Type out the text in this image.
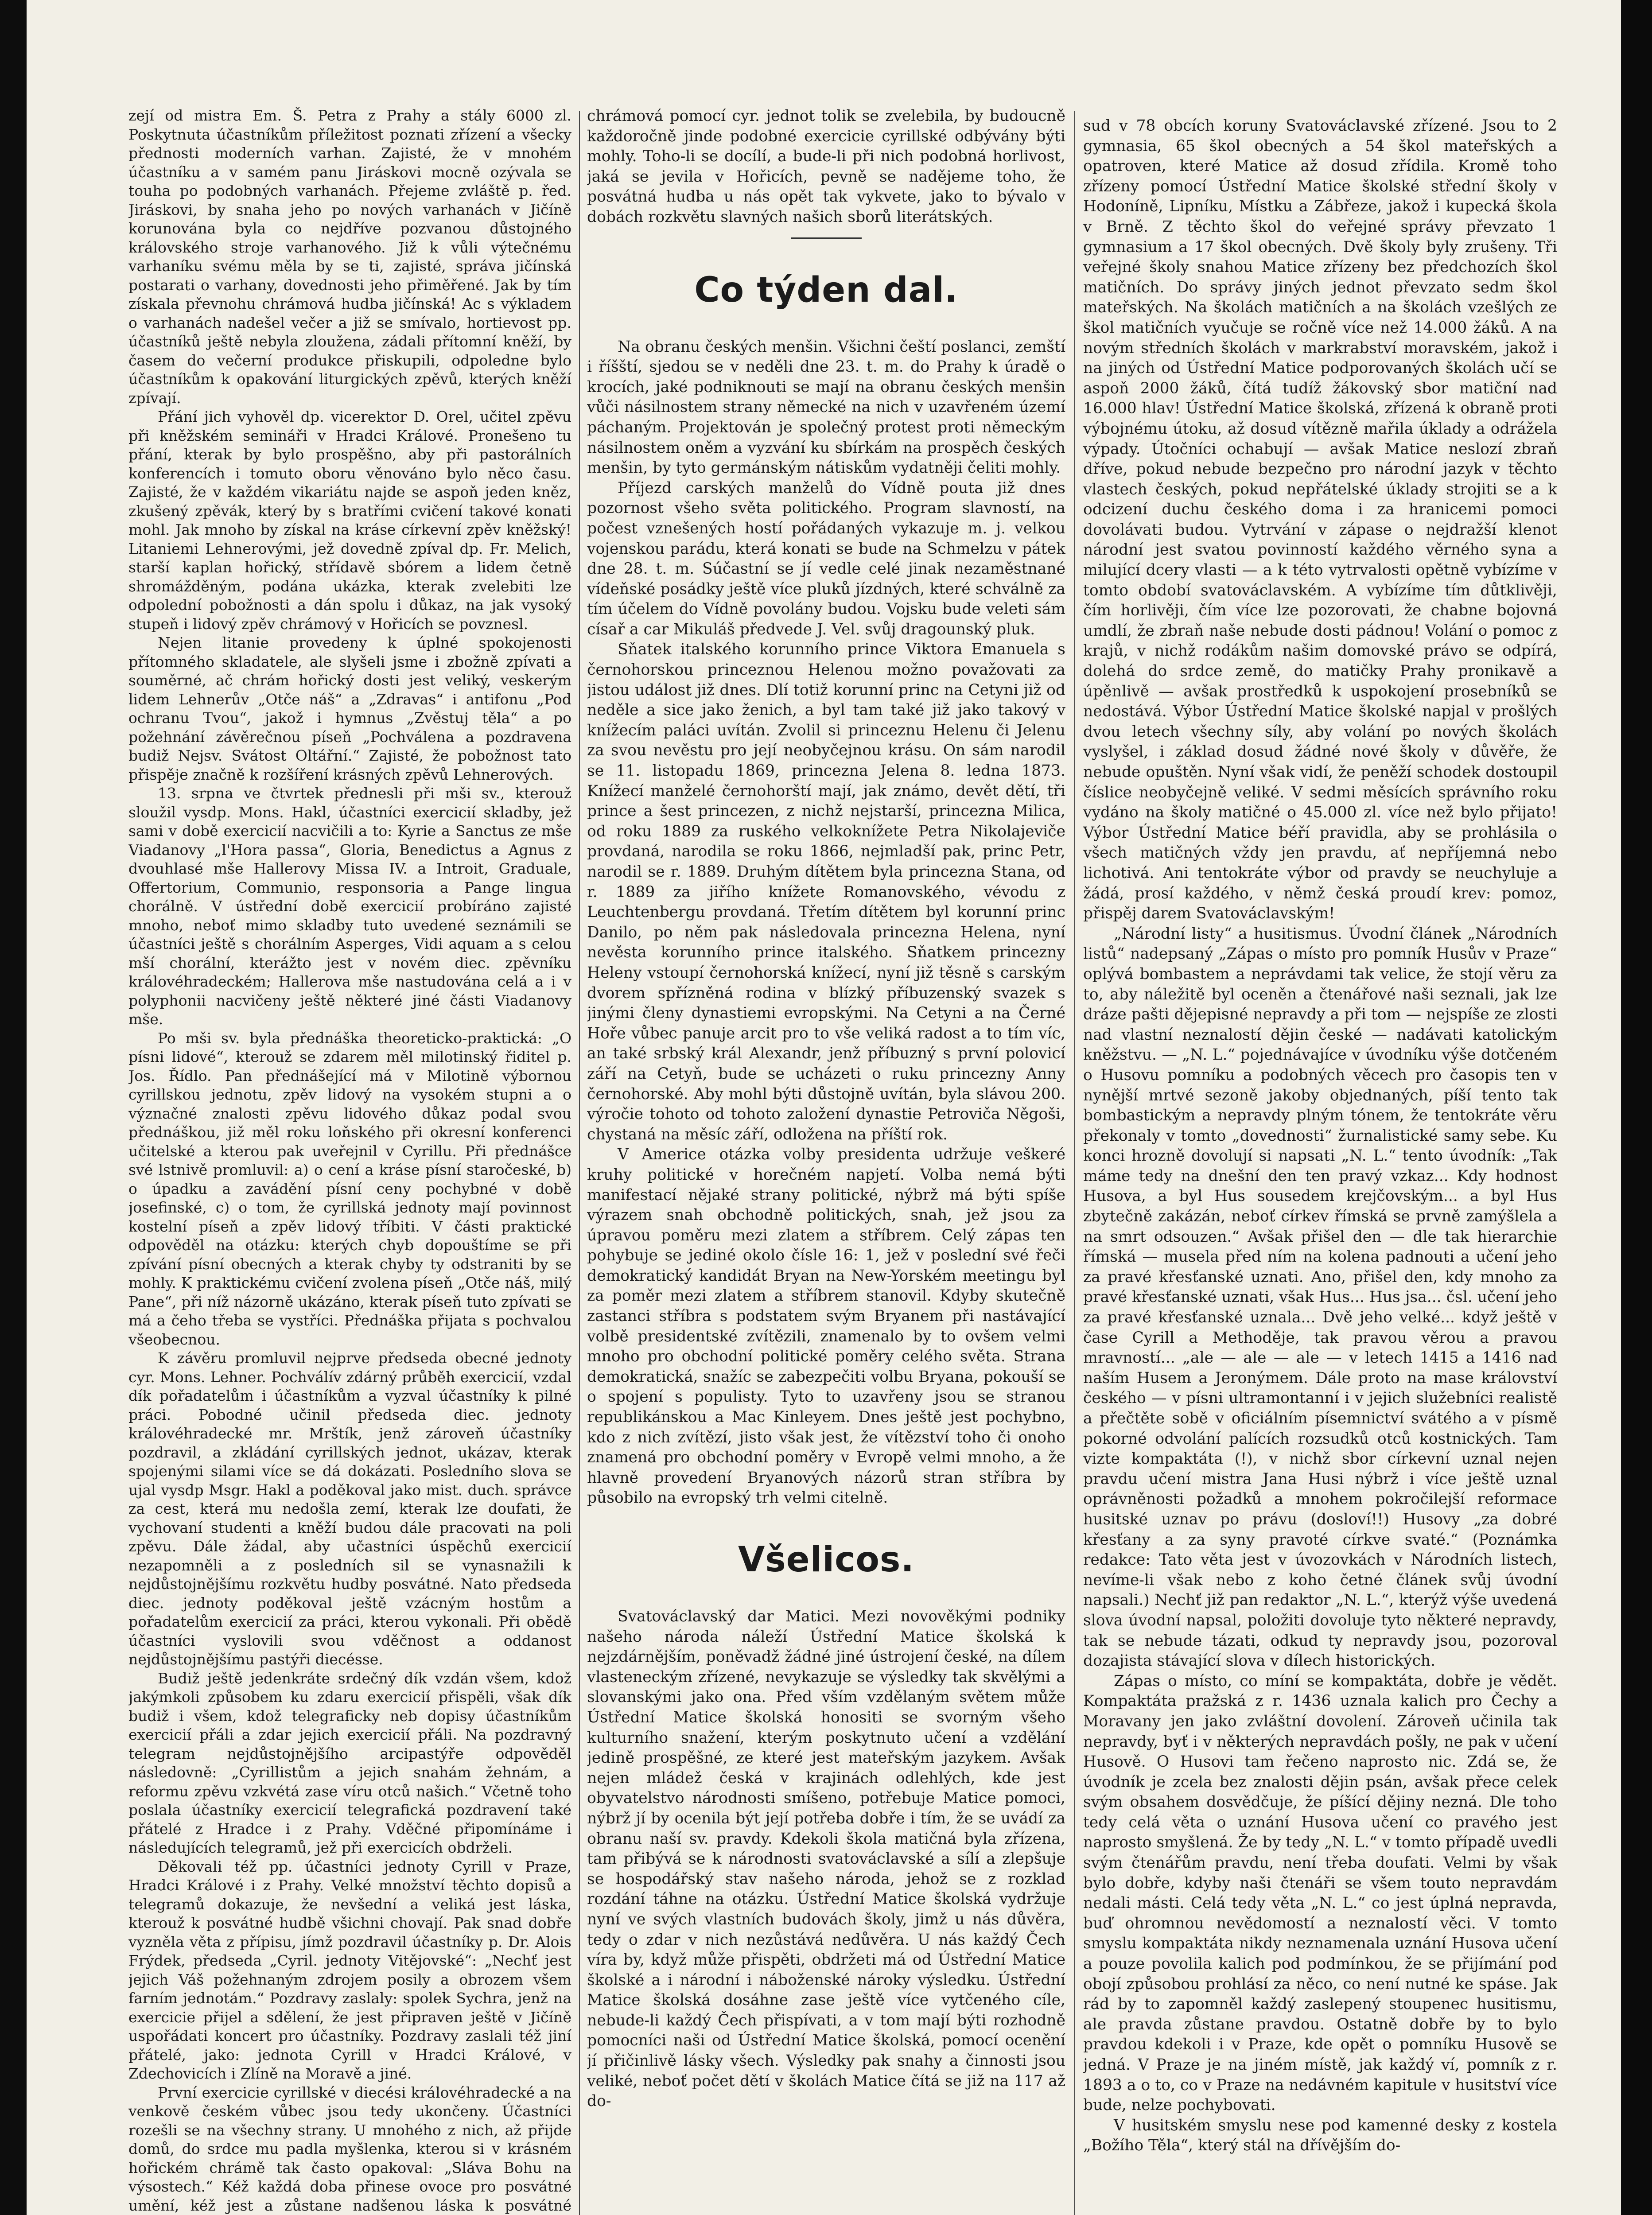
zejí od mistra Em. Š. Petra z Prahy a stály 6000 zl. Poskytnuta účastníkům příležitost poznati zřízení a všecky přednosti moderních varhan. Zajisté, že v mnohém účastníku a v samém panu Jiráskovi mocně ozývala se touha po podobných varhanách. Přejeme zvláště p. řed. Jiráskovi, by snaha jeho po nových varhanách v Jičíně korunována byla co nejdříve pozvanou důstojného královského stroje varhanového. Již k vůli výtečnému varhaníku svému měla by se ti, zajisté, správa jičínská postarati o varhany, dovednosti jeho přiměřené. Jak by tím získala převnohu chrámová hudba jičínská! Ac s výkladem o varhanách nadešel večer a již se smívalo, hortievost pp. účastníků ještě nebyla zloužena, zádali přítomní kněží, by časem do večerní produkce přiskupili, odpoledne bylo účastníkům k opakování liturgických zpěvů, kterých kněží zpívají.

Přání jich vyhověl dp. vicerektor D. Orel, učitel zpěvu při kněžském semináři v Hradci Králové. Pronešeno tu přání, kterak by bylo prospěšno, aby při pastorálních konferencích i tomuto oboru věnováno bylo něco času. Zajisté, že v každém vikariátu najde se aspoň jeden kněz, zkušený zpěvák, který by s bratřími cvičení takové konati mohl. Jak mnoho by získal na kráse církevní zpěv kněžský! Litaniemi Lehnerovými, jež dovedně zpíval dp. Fr. Melich, starší kaplan hořický, střídavě sbórem a lidem četně shromážděným, podána ukázka, kterak zvelebiti lze odpolední pobožnosti a dán spolu i důkaz, na jak vysoký stupeň i lidový zpěv chrámový v Hořicích se povznesl.

Nejen litanie provedeny k úplné spokojenosti přítomného skladatele, ale slyšeli jsme i zbožně zpívati a souměrné, ač chrám hořický dosti jest veliký, veskerým lidem Lehnerův „Otče náš“ a „Zdravas“ i antifonu „Pod ochranu Tvou“, jakož i hymnus „Zvěstuj těla“ a po požehnání závěrečnou píseň „Pochválena a pozdravena budiž Nejsv. Svátost Oltářní.“ Zajisté, že pobožnost tato přispěje značně k rozšíření krásných zpěvů Lehnerových.

13. srpna ve čtvrtek přednesli při mši sv., kterouž sloužil vysdp. Mons. Hakl, účastníci exercicií skladby, jež sami v době exercicií nacvičili a to: Kyrie a Sanctus ze mše Viadanovy „l'Hora passa“, Gloria, Benedictus a Agnus z dvouhlasé mše Hallerovy Missa IV. a Introit, Graduale, Offertorium, Communio, responsoria a Pange lingua chorálně. V ústřední době exercicií probíráno zajisté mnoho, neboť mimo skladby tuto uvedené seznámili se účastníci ještě s chorálním Asperges, Vidi aquam a s celou mší chorální, kterážto jest v novém diec. zpěvníku královéhradeckém; Hallerova mše nastudována celá a i v polyphonii nacvičeny ještě některé jiné části Viadanovy mše.

Po mši sv. byla přednáška theoreticko-praktická: „O písni lidové“, kterouž se zdarem měl milotinský řiditel p. Jos. Řídlo. Pan přednášející má v Milotině výbornou cyrillskou jednotu, zpěv lidový na vysokém stupni a o význačné znalosti zpěvu lidového důkaz podal svou přednáškou, již měl roku loňského při okresní konferenci učitelské a kterou pak uveřejnil v Cyrillu. Při přednášce své lstnivě promluvil: a) o cení a kráse písní staročeské, b) o úpadku a zavádění písní ceny pochybné v době josefinské, c) o tom, že cyrillská jednoty mají povinnost kostelní píseň a zpěv lidový tříbiti. V části praktické odpověděl na otázku: kterých chyb dopouštíme se při zpívání písní obecných a kterak chyby ty odstraniti by se mohly. K praktickému cvičení zvolena píseň „Otče náš, milý Pane“, při níž názorně ukázáno, kterak píseň tuto zpívati se má a čeho třeba se vystříci. Přednáška přijata s pochvalou všeobecnou.

K závěru promluvil nejprve předseda obecné jednoty cyr. Mons. Lehner. Pochválív zdárný průběh exercicií, vzdal dík pořadatelům i účastníkům a vyzval účastníky k pilné práci. Pobodné učinil předseda diec. jednoty královéhradecké mr. Mrštík, jenž zároveň účastníky pozdravil, a zkládání cyrillských jednot, ukázav, kterak spojenými silami více se dá dokázati. Posledního slova se ujal vysdp Msgr. Hakl a poděkoval jako mist. duch. správce za cest, která mu nedošla zemí, kterak lze doufati, že vychovaní studenti a kněží budou dále pracovati na poli zpěvu. Dále žádal, aby učastníci úspěchů exercicií nezapomněli a z posledních sil se vynasnažili k nejdůstojnějšímu rozkvětu hudby posvátné. Nato předseda diec. jednoty poděkoval ještě vzácným hostům a pořadatelům exercicií za práci, kterou vykonali. Při obědě účastníci vyslovili svou vděčnost a oddanost nejdůstojnějšímu pastýři diecésse.

Budiž ještě jedenkráte srdečný dík vzdán všem, kdož jakýmkoli způsobem ku zdaru exercicií přispěli, však dík budiž i všem, kdož telegraficky neb dopisy účastníkům exercicií přáli a zdar jejich exercicií přáli. Na pozdravný telegram nejdůstojnějšího arcipastýře odpověděl následovně: „Cyrillistům a jejich snahám žehnám, a reformu zpěvu vzkvétá zase víru otců našich.“ Včetně toho poslala účastníky exercicií telegrafická pozdravení také přátelé z Hradce i z Prahy. Vděčné připomínáme i následujících telegramů, jež při exercicích obdrželi.

Děkovali též pp. účastníci jednoty Cyrill v Praze, Hradci Králové i z Prahy. Velké množství těchto dopisů a telegramů dokazuje, že nevšední a veliká jest láska, kterouž k posvátné hudbě všichni chovají. Pak snad dobře vyzněla věta z přípisu, jímž pozdravil účastníky p. Dr. Alois Frýdek, předseda „Cyril. jednoty Vitějovské“: „Nechť jest jejich Váš požehnaným zdrojem posily a obrozem všem farním jednotám.“ Pozdravy zaslaly: spolek Sychra, jenž na exercicie přijel a sdělení, že jest připraven ještě v Jičíně uspořádati koncert pro účastníky. Pozdravy zaslali též jiní přátelé, jako: jednota Cyrill v Hradci Králové, v Zdechovicích i Zlíně na Moravě a jiné.

První exercicie cyrillské v diecési královéhradecké a na venkově českém vůbec jsou tedy ukončeny. Účastníci rozešli se na všechny strany. U mnohého z nich, až přijde domů, do srdce mu padla myšlenka, kterou si v krásném hořickém chrámě tak často opakoval: „Sláva Bohu na výsostech.“ Kéž každá doba přinese ovoce pro posvátné umění, kéž jest a zůstane nadšenou láska k posvátné

chrámová pomocí cyr. jednot tolik se zvelebila, by budoucně každoročně jinde podobné exercicie cyrillské odbývány býti mohly. Toho-li se docílí, a bude-li při nich podobná horlivost, jaká se jevila v Hořicích, pevně se nadějeme toho, že posvátná hudba u nás opět tak vykvete, jako to bývalo v dobách rozkvětu slavných našich sborů literátských.

Co týden dal.

Na obranu českých menšin. Všichni čeští poslanci, zemští i říšští, sjedou se v neděli dne 23. t. m. do Prahy k úradě o krocích, jaké podniknouti se mají na obranu českých menšin vůči násilnostem strany německé na nich v uzavřeném území páchaným. Projektován je společný protest proti německým násilnostem oněm a vyzvání ku sbírkám na prospěch českých menšin, by tyto germánským nátiskům vydatněji čeliti mohly.

Příjezd carských manželů do Vídně pouta již dnes pozornost všeho světa politického. Program slavností, na počest vznešených hostí pořádaných vykazuje m. j. velkou vojenskou parádu, která konati se bude na Schmelzu v pátek dne 28. t. m. Súčastní se jí vedle celé jinak nezaměstnané vídeňské posádky ještě více pluků jízdných, které schválně za tím účelem do Vídně povolány budou. Vojsku bude veleti sám císař a car Mikuláš předvede J. Vel. svůj dragounský pluk.

Sňatek italského korunního prince Viktora Emanuela s černohorskou princeznou Helenou možno považovati za jistou událost již dnes. Dlí totiž korunní princ na Cetyni již od neděle a sice jako ženich, a byl tam také již jako takový v knížecím paláci uvítán. Zvolil si princeznu Helenu či Jelenu za svou nevěstu pro její neobyčejnou krásu. On sám narodil se 11. listopadu 1869, princezna Jelena 8. ledna 1873. Knížecí manželé černohorští mají, jak známo, devět dětí, tři prince a šest princezen, z nichž nejstarší, princezna Milica, od roku 1889 za ruského velkoknížete Petra Nikolajeviče provdaná, narodila se roku 1866, nejmladší pak, princ Petr, narodil se r. 1889. Druhým dítětem byla princezna Stana, od r. 1889 za jiřího knížete Romanovského, vévodu z Leuchtenbergu provdaná. Třetím dítětem byl korunní princ Danilo, po něm pak následovala princezna Helena, nyní nevěsta korunního prince italského. Sňatkem princezny Heleny vstoupí černohorská knížecí, nyní již těsně s carským dvorem spřízněná rodina v blízký příbuzenský svazek s jinými členy dynastiemi evropskými. Na Cetyni a na Černé Hoře vůbec panuje arcit pro to vše veliká radost a to tím víc, an také srbský král Alexandr, jenž příbuzný s první polovicí září na Cetyň, bude se ucházeti o ruku princezny Anny černohorské. Aby mohl býti důstojně uvítán, byla slávou 200. výročie tohoto od tohoto založení dynastie Petroviča Něgoši, chystaná na měsíc září, odložena na příští rok.

V Americe otázka volby presidenta udržuje veškeré kruhy politické v horečném napjetí. Volba nemá býti manifestací nějaké strany politické, nýbrž má býti spíše výrazem snah obchodně politických, snah, jež jsou za úpravou poměru mezi zlatem a stříbrem. Celý zápas ten pohybuje se jediné okolo čísle 16: 1, jež v poslední své řeči demokratický kandidát Bryan na New-Yorském meetingu byl za poměr mezi zlatem a stříbrem stanovil. Kdyby skutečně zastanci stříbra s podstatem svým Bryanem při nastávající volbě presidentské zvítězili, znamenalo by to ovšem velmi mnoho pro obchodní politické poměry celého světa. Strana demokratická, snažíc se zabezpečiti volbu Bryana, pokouší se o spojení s populisty. Tyto to uzavřeny jsou se stranou republikánskou a Mac Kinleyem. Dnes ještě jest pochybno, kdo z nich zvítězí, jisto však jest, že vítězství toho či onoho znamená pro obchodní poměry v Evropě velmi mnoho, a že hlavně provedení Bryanových názorů stran stříbra by působilo na evropský trh velmi citelně.

Všelicos.

Svatováclavský dar Matici. Mezi novověkými podniky našeho národa náleží Ústřední Matice školská k nejzdárnějším, poněvadž žádné jiné ústrojení české, na dílem vlasteneckým zřízené, nevykazuje se výsledky tak skvělými a slovanskými jako ona. Před vším vzdělaným světem může Ústřední Matice školská honositi se svorným všeho kulturního snažení, kterým poskytnuto učení a vzdělání jedině prospěšné, ze které jest mateřským jazykem. Avšak nejen mládež česká v krajinách odlehlých, kde jest obyvatelstvo národnosti smíšeno, potřebuje Matice pomoci, nýbrž jí by ocenila být její potřeba dobře i tím, že se uvádí za obranu naší sv. pravdy. Kdekoli škola matičná byla zřízena, tam přibývá se k národnosti svatováclavské a sílí a zlepšuje se hospodářský stav našeho národa, jehož se z rozklad rozdání táhne na otázku. Ústřední Matice školská vydržuje nyní ve svých vlastních budovách školy, jimž u nás důvěra, tedy o zdar v nich nezůstává nedůvěra. U nás každý Čech víra by, když může přispěti, obdržeti má od Ústřední Matice školské a i národní i náboženské nároky výsledku. Ústřední Matice školská dosáhne zase ještě více vytčeného cíle, nebude-li každý Čech přispívati, a v tom mají býti rozhodně pomocníci naši od Ústřední Matice školská, pomocí ocenění jí přičinlivě lásky všech. Výsledky pak snahy a činnosti jsou veliké, neboť počet dětí v školách Matice čítá se již na 117 až do-

sud v 78 obcích koruny Svatováclavské zřízené. Jsou to 2 gymnasia, 65 škol obecných a 54 škol mateřských a opatroven, které Matice až dosud zřídila. Kromě toho zřízeny pomocí Ústřední Matice školské střední školy v Hodoníně, Lipníku, Místku a Zábřeze, jakož i kupecká škola v Brně. Z těchto škol do veřejné správy převzato 1 gymnasium a 17 škol obecných. Dvě školy byly zrušeny. Tři veřejné školy snahou Matice zřízeny bez předchozích škol matičních. Do správy jiných jednot převzato sedm škol mateřských. Na školách matičních a na školách vzešlých ze škol matičních vyučuje se ročně více než 14.000 žáků. A na novým středních školách v markrabství moravském, jakož i na jiných od Ústřední Matice podporovaných školách učí se aspoň 2000 žáků, čítá tudíž žákovský sbor matiční nad 16.000 hlav! Ústřední Matice školská, zřízená k obraně proti výbojnému útoku, až dosud vítězně mařila úklady a odrážela výpady. Útočníci ochabují — avšak Matice neslozí zbraň dříve, pokud nebude bezpečno pro národní jazyk v těchto vlastech českých, pokud nepřátelské úklady strojiti se a k odcizení duchu českého doma i za hranicemi pomoci dovolávati budou. Vytrvání v zápase o nejdražší klenot národní jest svatou povinností každého věrného syna a milující dcery vlasti — a k této vytrvalosti opětně vybízíme v tomto období svatováclavském. A vybízíme tím důtklivěji, čím horlivěji, čím více lze pozorovati, že chabne bojovná umdlí, že zbraň naše nebude dosti pádnou! Volání o pomoc z krajů, v nichž rodákům našim domovské právo se odpírá, dolehá do srdce země, do matičky Prahy pronikavě a úpěnlivě — avšak prostředků k uspokojení prosebníků se nedostává. Výbor Ústřední Matice školské napjal v prošlých dvou letech všechny síly, aby volání po nových školách vyslyšel, i základ dosud žádné nové školy v důvěře, že nebude opuštěn. Nyní však vidí, že peněží schodek dostoupil číslice neobyčejně veliké. V sedmi měsících správního roku vydáno na školy matičné o 45.000 zl. více než bylo přijato! Výbor Ústřední Matice béří pravidla, aby se prohlásila o všech matičných vždy jen pravdu, ať nepříjemná nebo lichotivá. Ani tentokráte výbor od pravdy se neuchyluje a žádá, prosí každého, v němž česká proudí krev: pomoz, přispěj darem Svatováclavským!

„Národní listy“ a husitismus. Úvodní článek „Národních listů“ nadepsaný „Zápas o místo pro pomník Husův v Praze“ oplývá bombastem a neprávdami tak velice, že stojí věru za to, aby náležitě byl oceněn a čtenářové naši seznali, jak lze dráze pašti dějepisné nepravdy a při tom — nejspíše ze zlosti nad vlastní neznalostí dějin české — nadávati katolickým kněžstvu. — „N. L.“ pojednávajíce v úvodníku výše dotčeném o Husovu pomníku a podobných věcech pro časopis ten v nynější mrtvé sezoně jakoby objednaných, píší tento tak bombastickým a nepravdy plným tónem, že tentokráte věru překonaly v tomto „dovednosti“ žurnalistické samy sebe. Ku konci hrozně dovolují si napsati „N. L.“ tento úvodník: „Tak máme tedy na dnešní den ten pravý vzkaz... Kdy hodnost Husova, a byl Hus sousedem krejčovským... a byl Hus zbytečně zakázán, neboť církev římská se prvně zamýšlela a na smrt odsouzen.“ Avšak přišel den — dle tak hierarchie římská — musela před ním na kolena padnouti a učení jeho za pravé křesťanské uznati. Ano, přišel den, kdy mnoho za pravé křesťanské uznati, však Hus... Hus jsa... čsl. učení jeho za pravé křesťanské uznala... Dvě jeho velké... když ještě v čase Cyrill a Methoděje, tak pravou věrou a pravou mravností... „ale — ale — ale — v letech 1415 a 1416 nad naším Husem a Jeronýmem. Dále proto na mase království českého — v písni ultramontanní i v jejich služebníci realistě a přečtěte sobě v oficiálním písemnictví svátého a v písmě pokorné odvolání palících rozsudků otců kostnických. Tam vizte kompaktáta (!), v nichž sbor církevní uznal nejen pravdu učení mistra Jana Husi nýbrž i více ještě uznal oprávněnosti požadků a mnohem pokročilejší reformace husitské uznav po právu (dosloví!!) Husovy „za dobré křesťany a za syny pravoté církve svaté.“ (Poznámka redakce: Tato věta jest v úvozovkách v Národních listech, nevíme-li však nebo z koho četné článek svůj úvodní napsali.) Nechť již pan redaktor „N. L.“, kterýž výše uvedená slova úvodní napsal, položiti dovoluje tyto některé nepravdy, tak se nebude tázati, odkud ty nepravdy jsou, pozoroval dozajista stávající slova v dílech historických.

Zápas o místo, co míní se kompaktáta, dobře je vědět. Kompaktáta pražská z r. 1436 uznala kalich pro Čechy a Moravany jen jako zvláštní dovolení. Zároveň učinila tak nepravdy, byť i v některých nepravdách pošly, ne pak v učení Husově. O Husovi tam řečeno naprosto nic. Zdá se, že úvodník je zcela bez znalosti dějin psán, avšak přece celek svým obsahem dosvědčuje, že píšící dějiny nezná. Dle toho tedy celá věta o uznání Husova učení co pravého jest naprosto smyšlená. Že by tedy „N. L.“ v tomto případě uvedli svým čtenářům pravdu, není třeba doufati. Velmi by však bylo dobře, kdyby naši čtenáři se všem touto nepravdám nedali másti. Celá tedy věta „N. L.“ co jest úplná nepravda, buď ohromnou nevědomostí a neznalostí věci. V tomto smyslu kompaktáta nikdy neznamenala uznání Husova učení a pouze povolila kalich pod podmínkou, že se přijímání pod obojí způsobou prohlásí za něco, co není nutné ke spáse. Jak rád by to zapomněl každý zaslepený stoupenec husitismu, ale pravda zůstane pravdou. Ostatně dobře by to bylo pravdou kdekoli i v Praze, kde opět o pomníku Husově se jedná. V Praze je na jiném místě, jak každý ví, pomník z r. 1893 a o to, co v Praze na nedávném kapitule v husitství více bude, nelze pochybovati.

V husitském smyslu nese pod kamenné desky z kostela „Božího Těla“, který stál na dřívějším do-
